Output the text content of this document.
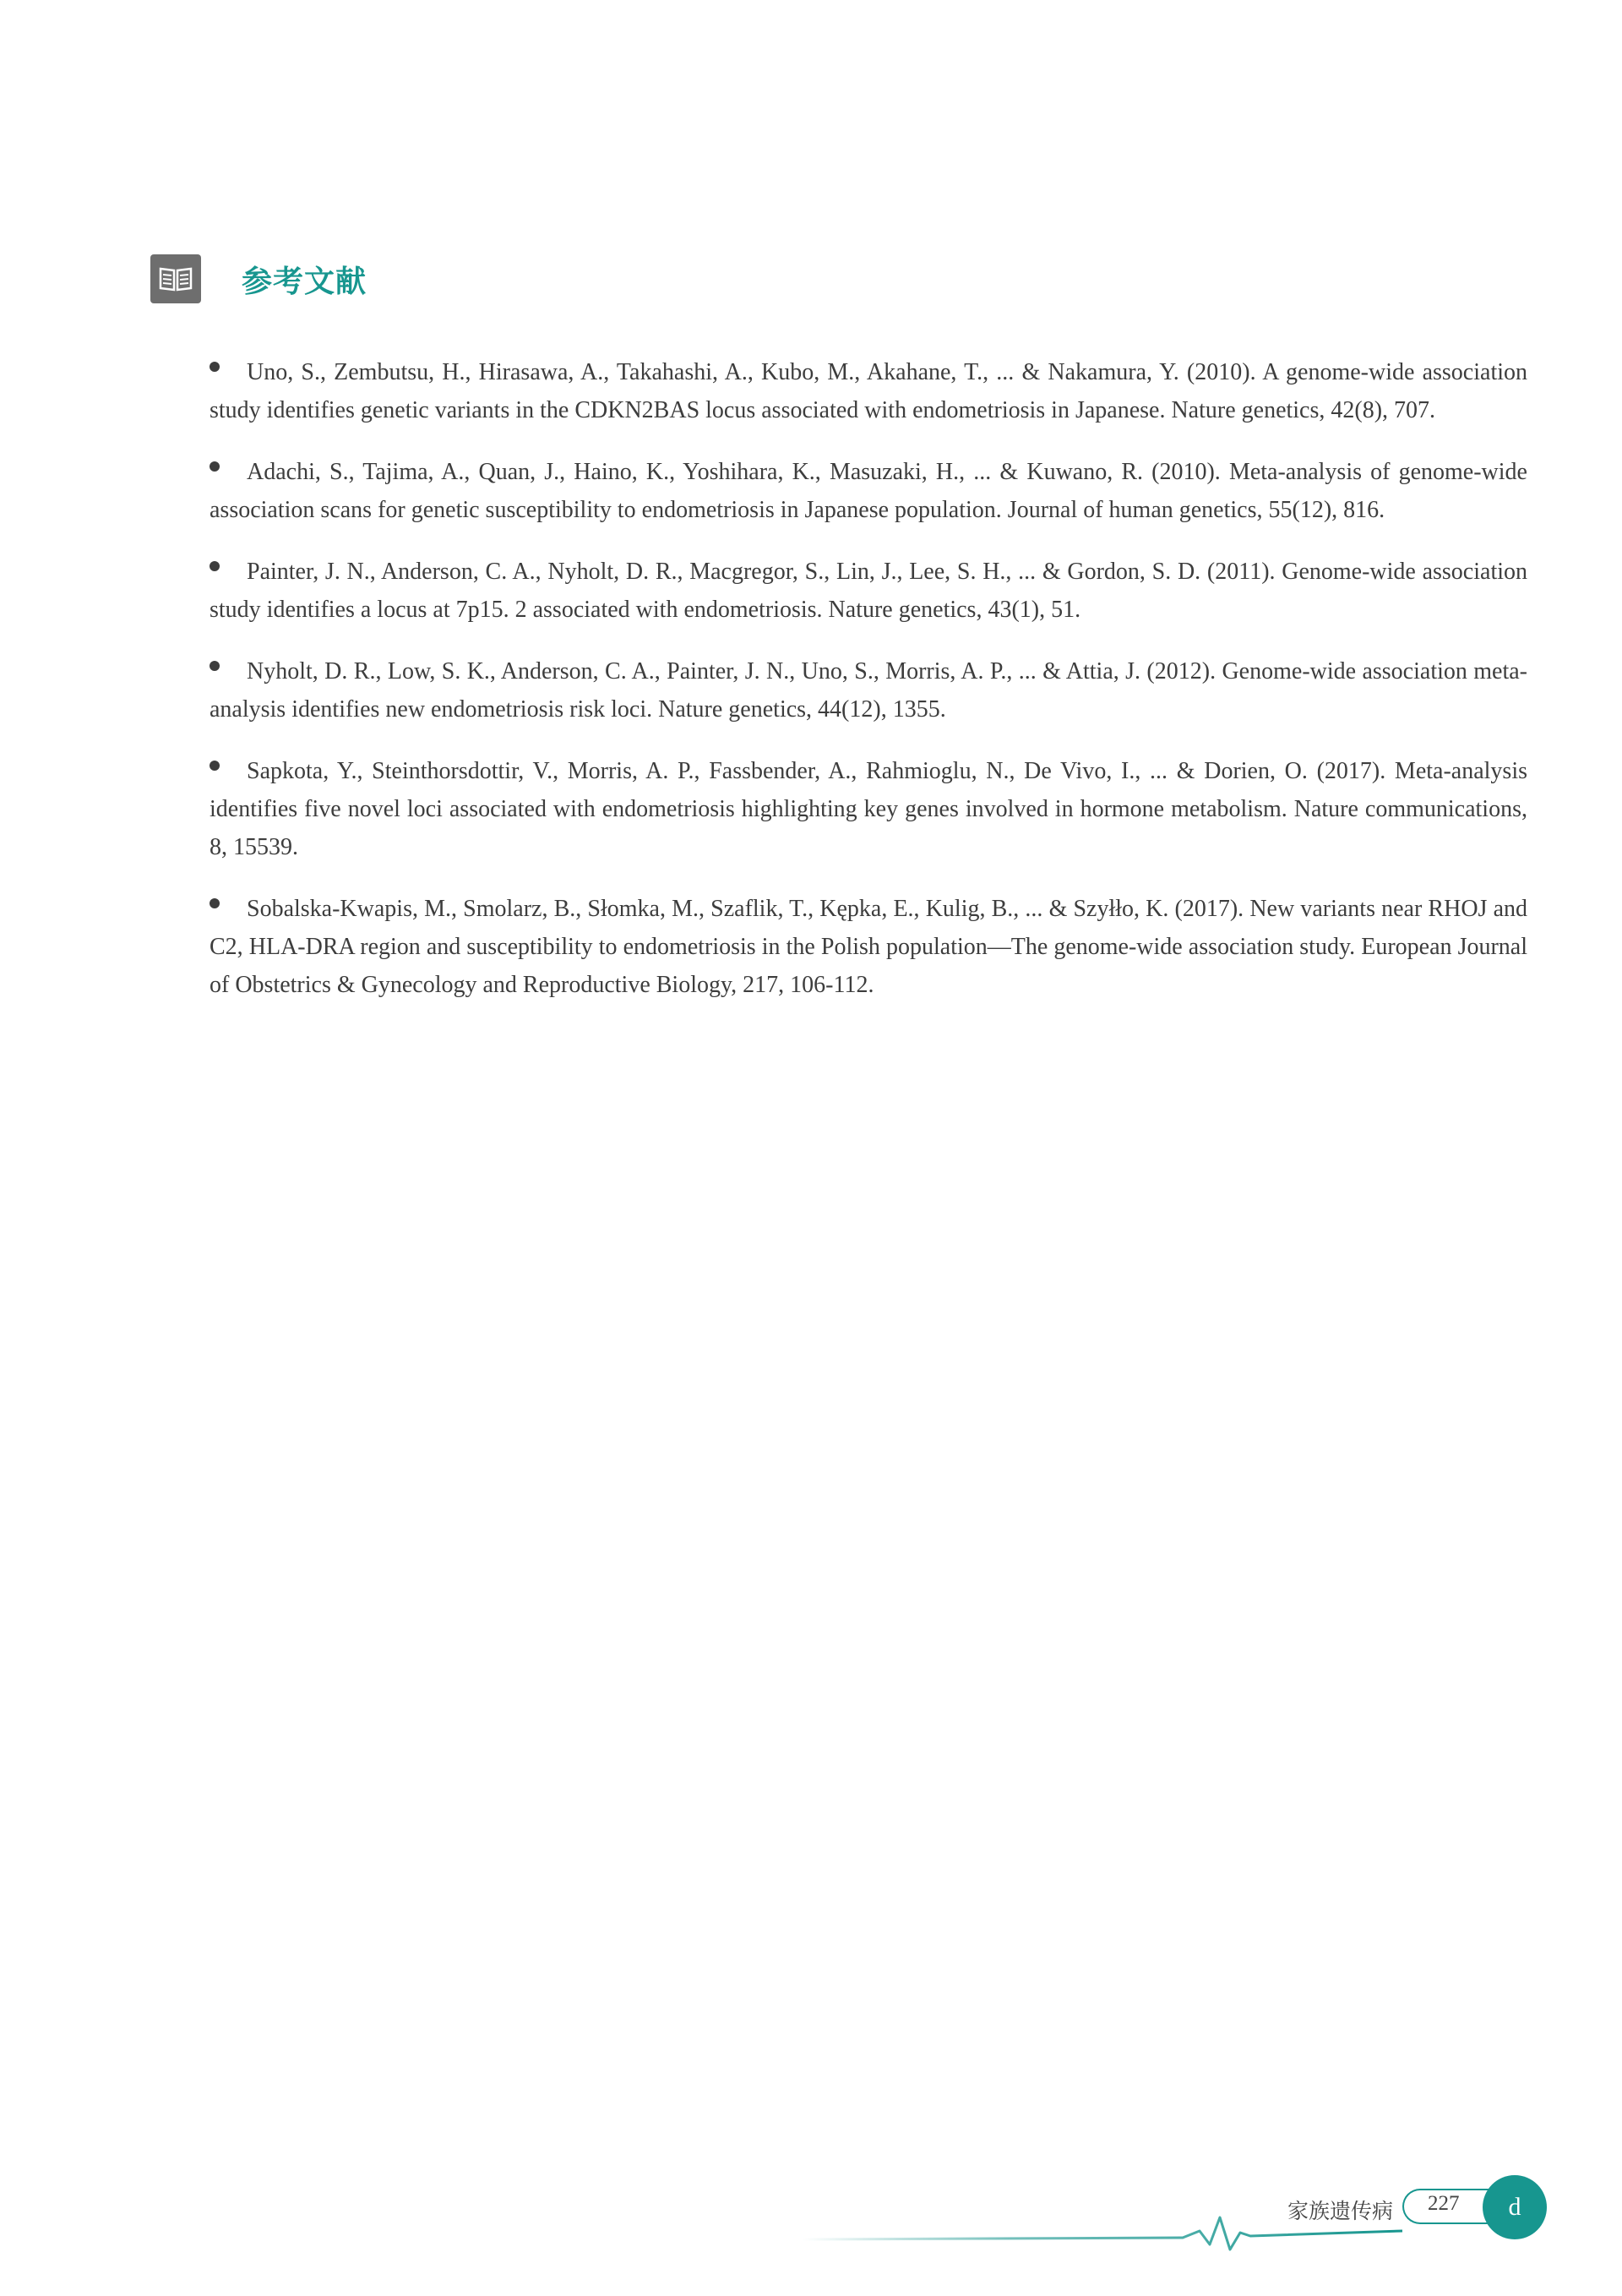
参考文献
Uno, S., Zembutsu, H., Hirasawa, A., Takahashi, A., Kubo, M., Akahane, T., ... & Nakamura, Y. (2010). A genome-wide association study identifies genetic variants in the CDKN2BAS locus associated with endometriosis in Japanese. Nature genetics, 42(8), 707.
Adachi, S., Tajima, A., Quan, J., Haino, K., Yoshihara, K., Masuzaki, H., ... & Kuwano, R. (2010). Meta-analysis of genome-wide association scans for genetic susceptibility to endometriosis in Japanese population. Journal of human genetics, 55(12), 816.
Painter, J. N., Anderson, C. A., Nyholt, D. R., Macgregor, S., Lin, J., Lee, S. H., ... & Gordon, S. D. (2011). Genome-wide association study identifies a locus at 7p15. 2 associated with endometriosis. Nature genetics, 43(1), 51.
Nyholt, D. R., Low, S. K., Anderson, C. A., Painter, J. N., Uno, S., Morris, A. P., ... & Attia, J. (2012). Genome-wide association meta-analysis identifies new endometriosis risk loci. Nature genetics, 44(12), 1355.
Sapkota, Y., Steinthorsdottir, V., Morris, A. P., Fassbender, A., Rahmioglu, N., De Vivo, I., ... & Dorien, O. (2017). Meta-analysis identifies five novel loci associated with endometriosis highlighting key genes involved in hormone metabolism. Nature communications, 8, 15539.
Sobalska-Kwapis, M., Smolarz, B., Słomka, M., Szaflik, T., Kępka, E., Kulig, B., ... & Szyłło, K. (2017). New variants near RHOJ and C2, HLA-DRA region and susceptibility to endometriosis in the Polish population—The genome-wide association study. European Journal of Obstetrics & Gynecology and Reproductive Biology, 217, 106-112.
家族遗传病 227 d
